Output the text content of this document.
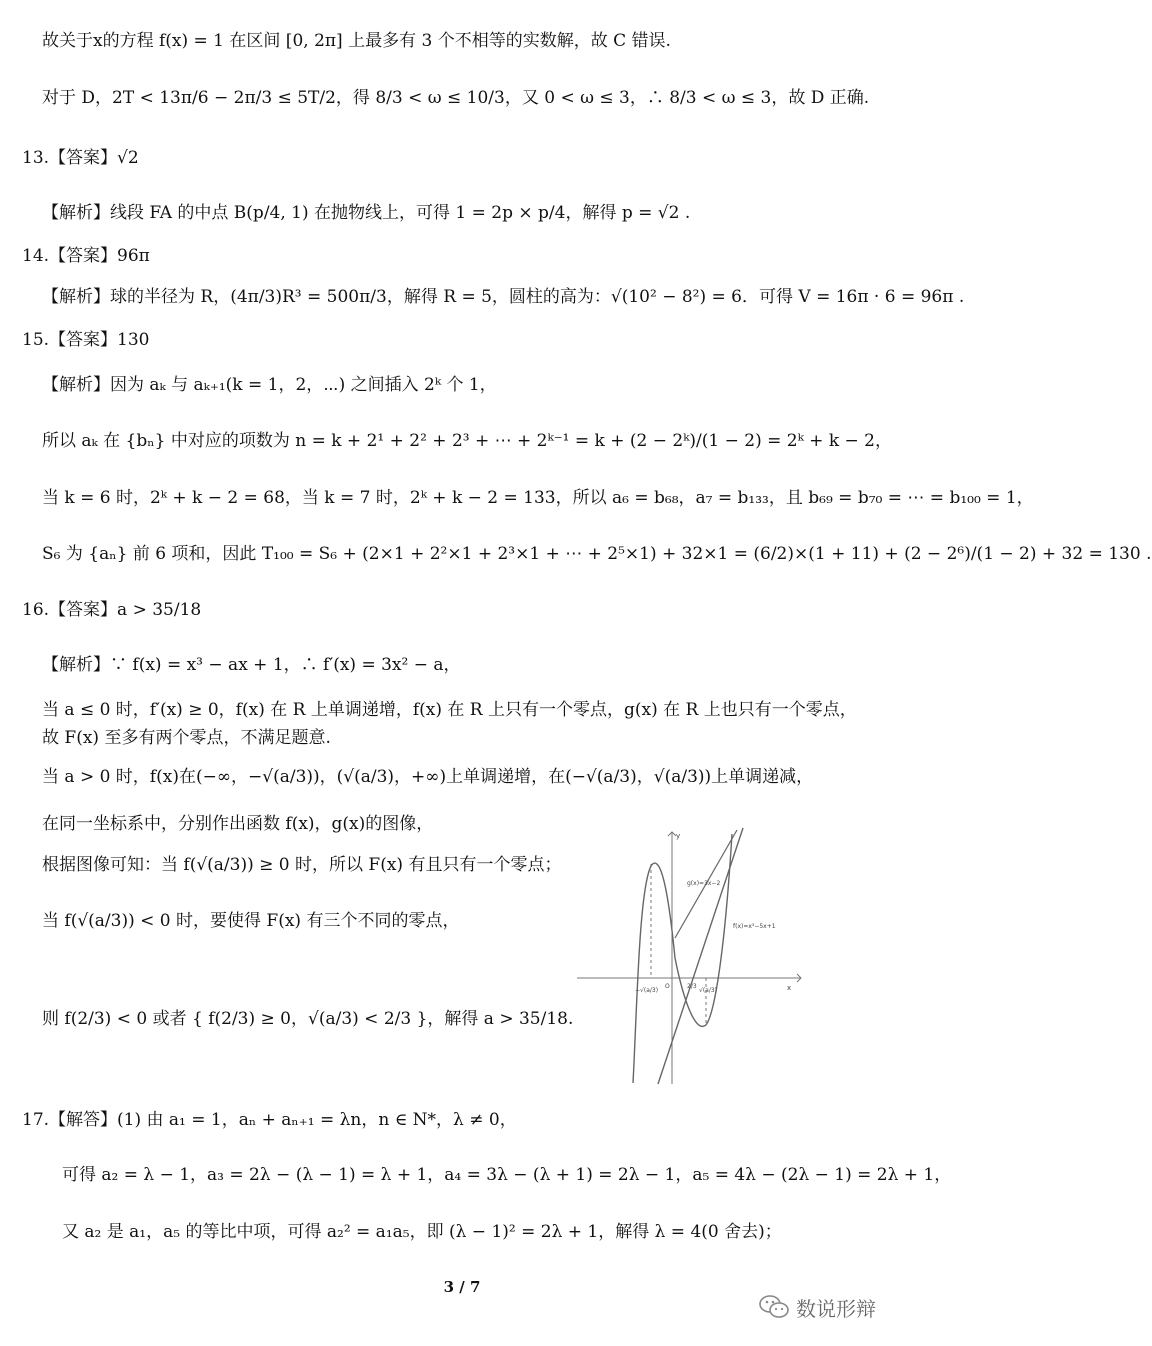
故关于x的方程 f(x) = 1 在区间 [0, 2π] 上最多有 3 个不相等的实数解，故 C 错误.
对于 D，2T < 13π/6 − 2π/3 ≤ 5T/2，得 8/3 < ω ≤ 10/3，又 0 < ω ≤ 3，∴ 8/3 < ω ≤ 3，故 D 正确.
13.【答案】√2
【解析】线段 FA 的中点 B(p/4, 1) 在抛物线上，可得 1 = 2p × p/4，解得 p = √2 .
14.【答案】96π
【解析】球的半径为 R，(4π/3)R³ = 500π/3，解得 R = 5，圆柱的高为：√(10² − 8²) = 6．可得 V = 16π · 6 = 96π .
15.【答案】130
【解析】因为 aₖ 与 aₖ₊₁(k = 1，2，⋯) 之间插入 2ᵏ 个 1，
所以 aₖ 在 {bₙ} 中对应的项数为 n = k + 2¹ + 2² + 2³ + ⋯ + 2ᵏ⁻¹ = k + (2 − 2ᵏ)/(1 − 2) = 2ᵏ + k − 2，
当 k = 6 时，2ᵏ + k − 2 = 68，当 k = 7 时，2ᵏ + k − 2 = 133，所以 a₆ = b₆₈，a₇ = b₁₃₃，且 b₆₉ = b₇₀ = ⋯ = b₁₀₀ = 1，
S₆ 为 {aₙ} 前 6 项和，因此 T₁₀₀ = S₆ + (2×1 + 2²×1 + 2³×1 + ⋯ + 2⁵×1) + 32×1 = (6/2)×(1 + 11) + (2 − 2⁶)/(1 − 2) + 32 = 130 .
16.【答案】a > 35/18
【解析】∵ f(x) = x³ − ax + 1，∴ f′(x) = 3x² − a，
当 a ≤ 0 时，f′(x) ≥ 0，f(x) 在 R 上单调递增，f(x) 在 R 上只有一个零点，g(x) 在 R 上也只有一个零点，
故 F(x) 至多有两个零点，不满足题意.
当 a > 0 时，f(x)在(−∞，−√(a/3))，(√(a/3)，+∞)上单调递增，在(−√(a/3)，√(a/3))上单调递减，
在同一坐标系中，分别作出函数 f(x)，g(x)的图像，
根据图像可知：当 f(√(a/3)) ≥ 0 时，所以 F(x) 有且只有一个零点；
当 f(√(a/3)) < 0 时，要使得 F(x) 有三个不同的零点，
则 f(2/3) < 0 或者 { f(2/3) ≥ 0，√(a/3) < 2/3 }，解得 a > 35/18.
17.【解答】(1) 由 a₁ = 1，aₙ + aₙ₊₁ = λn，n ∈ N*，λ ≠ 0，
可得 a₂ = λ − 1，a₃ = 2λ − (λ − 1) = λ + 1，a₄ = 3λ − (λ + 1) = 2λ − 1，a₅ = 4λ − (2λ − 1) = 2λ + 1，
又 a₂ 是 a₁，a₅ 的等比中项，可得 a₂² = a₁a₅，即 (λ − 1)² = 2λ + 1，解得 λ = 4(0 舍去)；
g(x)=3x−2
f(x)=x³−5x+1
x
y
O
−√(a/3)
2/3
√(a/3)
3 / 7
数说形辩
